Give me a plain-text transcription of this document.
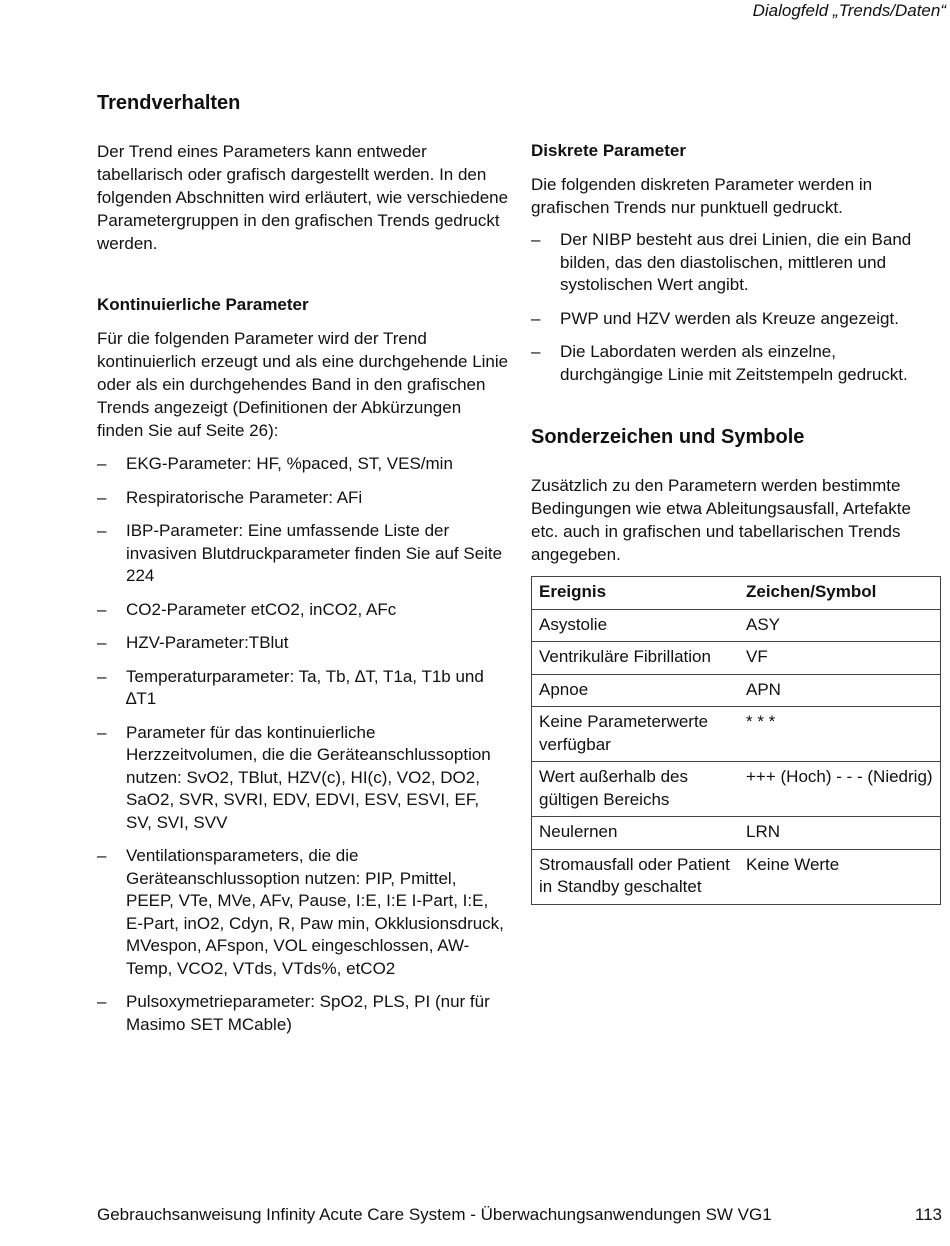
Dialogfeld „Trends/Daten“
Trendverhalten

Der Trend eines Parameters kann entweder tabellarisch oder grafisch dargestellt werden. In den folgenden Abschnitten wird erläutert, wie verschiedene Parametergruppen in den grafischen Trends gedruckt werden.

Kontinuierliche Parameter

Für die folgenden Parameter wird der Trend kontinuierlich erzeugt und als eine durchgehende Linie oder als ein durchgehendes Band in den grafischen Trends angezeigt (Definitionen der Abkürzungen finden Sie auf Seite 26):

– EKG-Parameter: HF, %paced, ST, VES/min
– Respiratorische Parameter: AFi
– IBP-Parameter: Eine umfassende Liste der invasiven Blutdruckparameter finden Sie auf Seite 224
– CO2-Parameter etCO2, inCO2, AFc
– HZV-Parameter:TBlut
– Temperaturparameter: Ta, Tb, ∆T, T1a, T1b und ∆T1
– Parameter für das kontinuierliche Herzzeitvolumen, die die Geräteanschlussoption nutzen: SvO2, TBlut, HZV(c), HI(c), VO2, DO2, SaO2, SVR, SVRI, EDV, EDVI, ESV, ESVI, EF, SV, SVI, SVV
– Ventilationsparameters, die die Geräteanschlussoption nutzen: PIP, Pmittel, PEEP, VTe, MVe, AFv, Pause, I:E, I:E I-Part, I:E, E-Part, inO2, Cdyn, R, Paw min, Okklusionsdruck, MVespon, AFspon, VOL eingeschlossen, AW-Temp, VCO2, VTds, VTds%, etCO2
– Pulsoxymetrieparameter: SpO2, PLS, PI (nur für Masimo SET MCable)
Diskrete Parameter

Die folgenden diskreten Parameter werden in grafischen Trends nur punktuell gedruckt.

– Der NIBP besteht aus drei Linien, die ein Band bilden, das den diastolischen, mittleren und systolischen Wert angibt.
– PWP und HZV werden als Kreuze angezeigt.
– Die Labordaten werden als einzelne, durchgängige Linie mit Zeitstempeln gedruckt.
Sonderzeichen und Symbole

Zusätzlich zu den Parametern werden bestimmte Bedingungen wie etwa Ableitungsausfall, Artefakte etc. auch in grafischen und tabellarischen Trends angegeben.

Ereignis	Zeichen/Symbol
Asystolie	ASY
Ventrikuläre Fibrillation	VF
Apnoe	APN
Keine Parameterwerte verfügbar	* * *
Wert außerhalb des gültigen Bereichs	+++ (Hoch) - - - (Niedrig)
Neulernen	LRN
Stromausfall oder Patient in Standby geschaltet	Keine Werte
Gebrauchsanweisung Infinity Acute Care System - Überwachungsanwendungen SW VG1	113
